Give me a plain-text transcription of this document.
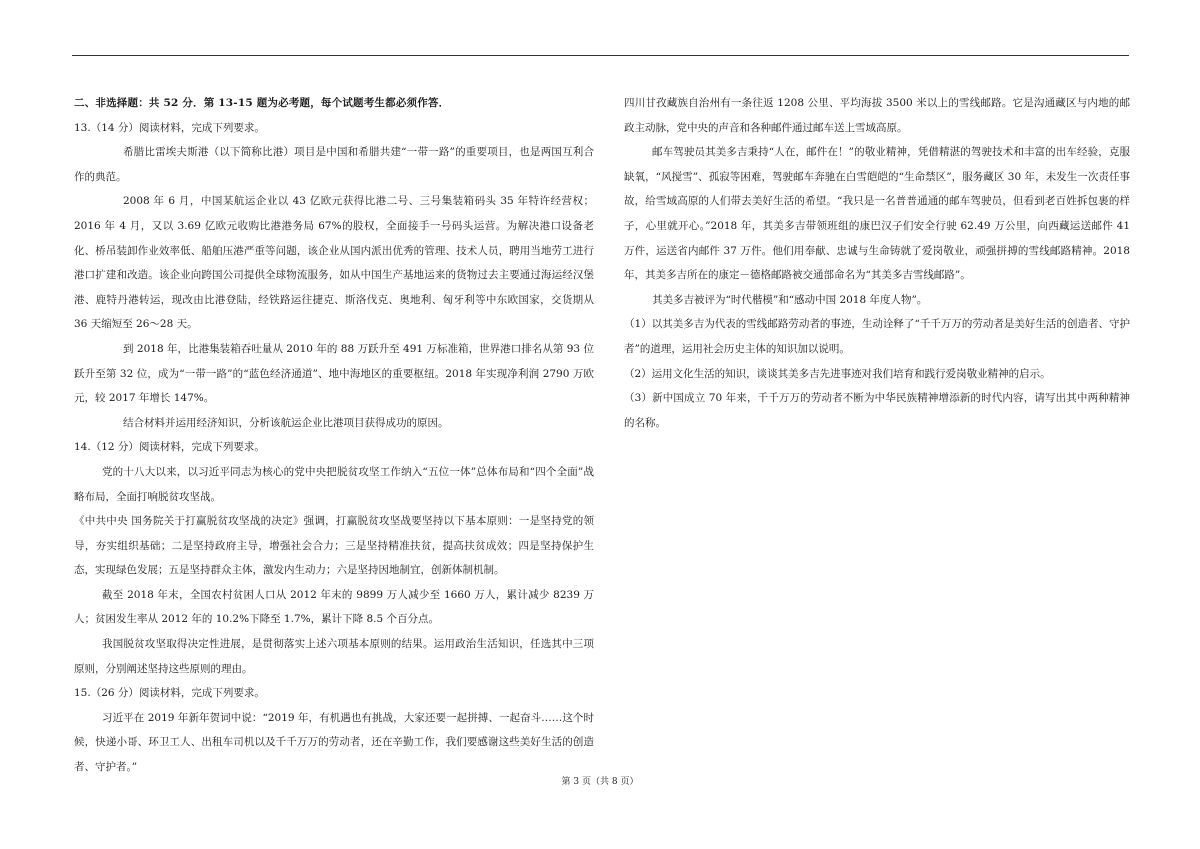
二、非选择题：共 52 分．第 13-15 题为必考题，每个试题考生都必须作答．

13.（14 分）阅读材料，完成下列要求。

希腊比雷埃夫斯港（以下简称比港）项目是中国和希腊共建“一带一路”的重要项目，也是两国互利合作的典范。

2008 年 6 月，中国某航运企业以 43 亿欧元获得比港二号、三号集装箱码头 35 年特许经营权；2016 年 4 月，又以 3.69 亿欧元收购比港港务局 67%的股权，全面接手一号码头运营。为解决港口设备老化、桥吊装卸作业效率低、船舶压港严重等问题，该企业从国内派出优秀的管理、技术人员，聘用当地劳工进行港口扩建和改造。该企业向跨国公司提供全球物流服务，如从中国生产基地运来的货物过去主要通过海运经汉堡港、鹿特丹港转运，现改由比港登陆，经铁路运往捷克、斯洛伐克、奥地利、匈牙利等中东欧国家，交货期从 36 天缩短至 26～28 天。

到 2018 年，比港集装箱吞吐量从 2010 年的 88 万跃升至 491 万标准箱，世界港口排名从第 93 位跃升至第 32 位，成为“一带一路”的“蓝色经济通道”、地中海地区的重要枢纽。2018 年实现净利润 2790 万欧元，较 2017 年增长 147%。

结合材料并运用经济知识，分析该航运企业比港项目获得成功的原因。

14.（12 分）阅读材料，完成下列要求。

党的十八大以来，以习近平同志为核心的党中央把脱贫攻坚工作纳入“五位一体”总体布局和“四个全面”战略布局，全面打响脱贫攻坚战。

《中共中央 国务院关于打赢脱贫攻坚战的决定》强调，打赢脱贫攻坚战要坚持以下基本原则：一是坚持党的领导，夯实组织基础；二是坚持政府主导，增强社会合力；三是坚持精准扶贫，提高扶贫成效；四是坚持保护生态，实现绿色发展；五是坚持群众主体，激发内生动力；六是坚持因地制宜，创新体制机制。

截至 2018 年末，全国农村贫困人口从 2012 年末的 9899 万人减少至 1660 万人，累计减少 8239 万人；贫困发生率从 2012 年的 10.2%下降至 1.7%，累计下降 8.5 个百分点。

我国脱贫攻坚取得决定性进展，是贯彻落实上述六项基本原则的结果。运用政治生活知识，任选其中三项原则，分别阐述坚持这些原则的理由。

15.（26 分）阅读材料，完成下列要求。

习近平在 2019 年新年贺词中说：“2019 年，有机遇也有挑战，大家还要一起拼搏、一起奋斗……这个时候，快递小哥、环卫工人、出租车司机以及千千万万的劳动者，还在辛勤工作，我们要感谢这些美好生活的创造者、守护者。”

四川甘孜藏族自治州有一条往返 1208 公里、平均海拔 3500 米以上的雪线邮路。它是沟通藏区与内地的邮政主动脉，党中央的声音和各种邮件通过邮车送上雪域高原。

邮车驾驶员其美多吉秉持“人在，邮件在！”的敬业精神，凭借精湛的驾驶技术和丰富的出车经验，克服缺氧，“风搅雪”、孤寂等困难，驾驶邮车奔驰在白雪皑皑的“生命禁区”，服务藏区 30 年，未发生一次责任事故，给雪域高原的人们带去美好生活的希望。“我只是一名普普通通的邮车驾驶员，但看到老百姓拆包裹的样子，心里就开心。”2018 年，其美多吉带领班组的康巴汉子们安全行驶 62.49 万公里，向西藏运送邮件 41 万件，运送省内邮件 37 万件。他们用奉献、忠诚与生命铸就了爱岗敬业，顽强拼搏的雪线邮路精神。2018 年，其美多吉所在的康定－德格邮路被交通部命名为“其美多吉雪线邮路”。

其美多吉被评为“时代楷模”和“感动中国 2018 年度人物”。

（1）以其美多吉为代表的雪线邮路劳动者的事迹，生动诠释了“千千万万的劳动者是美好生活的创造者、守护者”的道理，运用社会历史主体的知识加以说明。

（2）运用文化生活的知识，谈谈其美多吉先进事迹对我们培育和践行爱岗敬业精神的启示。

（3）新中国成立 70 年来，千千万万的劳动者不断为中华民族精神增添新的时代内容，请写出其中两种精神的名称。

第 3 页（共 8 页）
